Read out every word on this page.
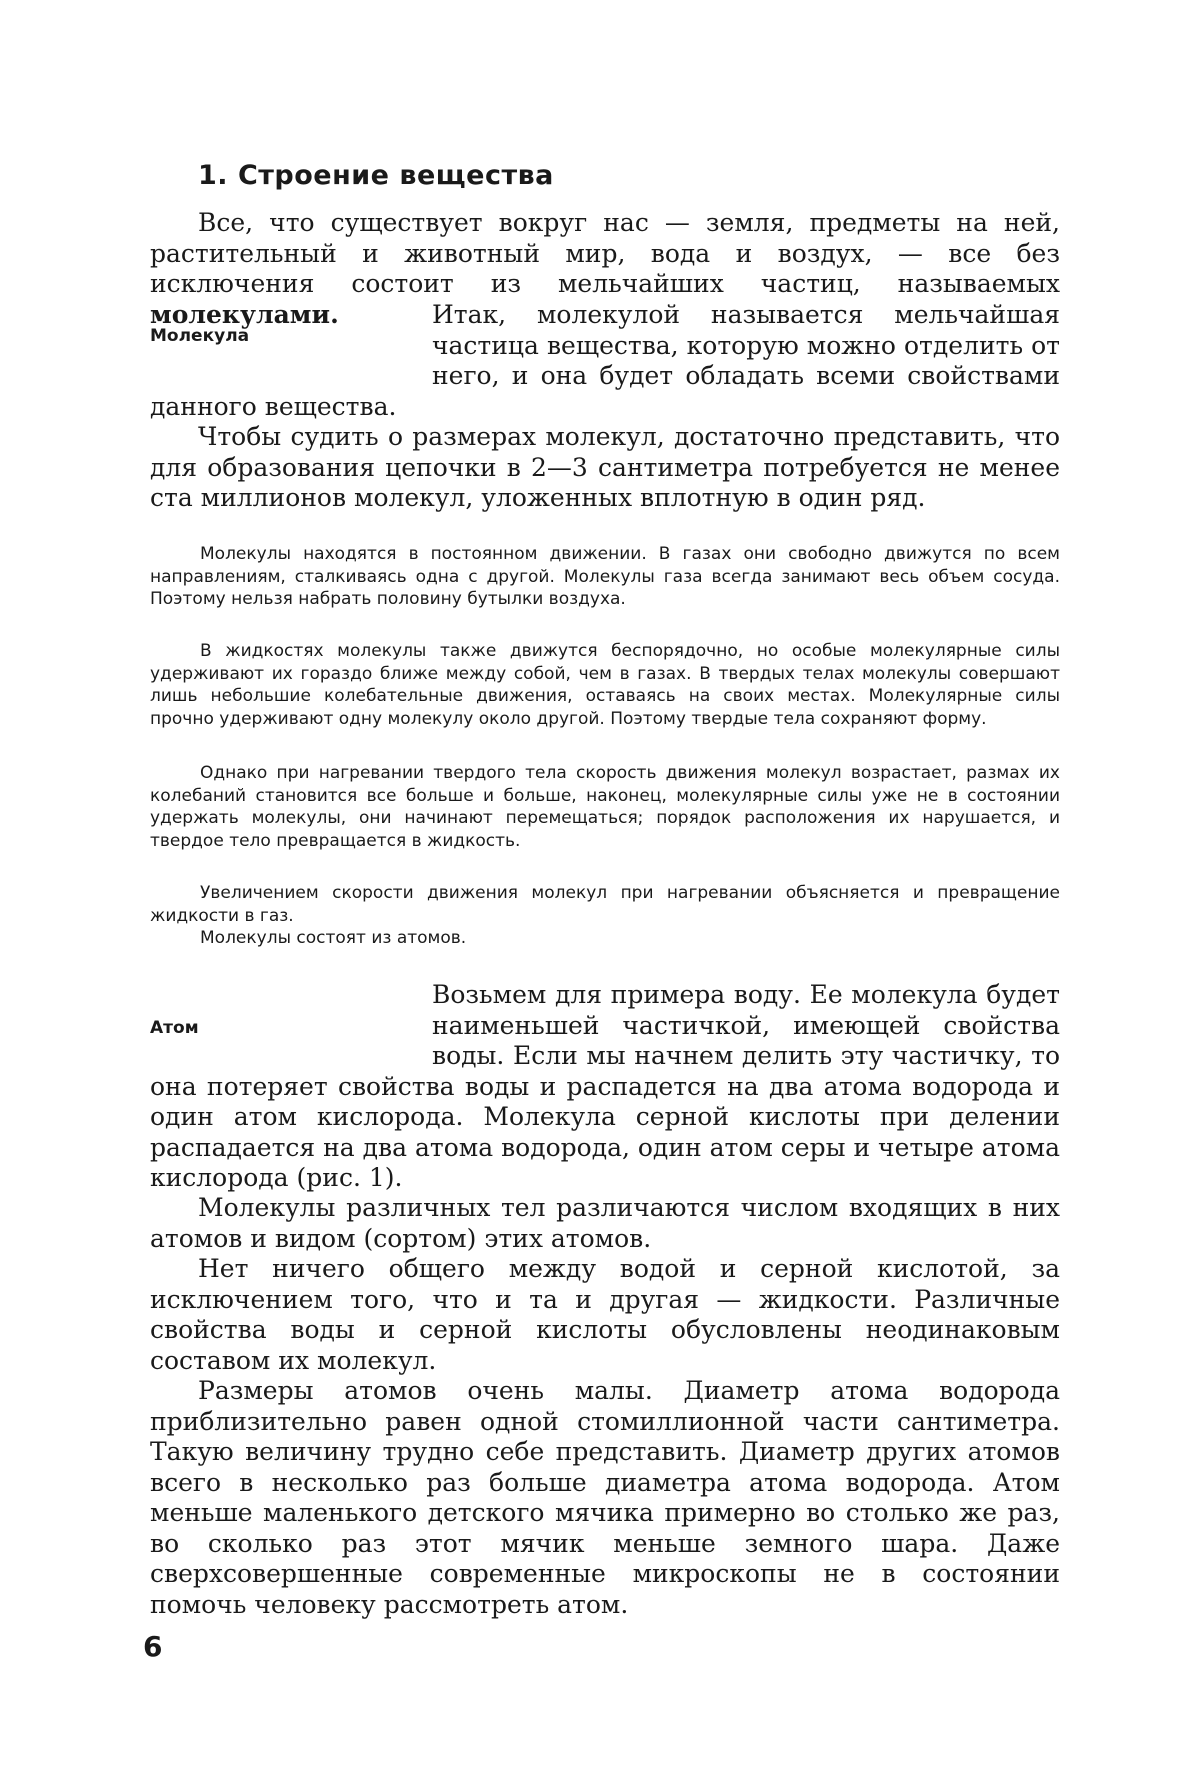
1. Строение вещества

Все, что существует вокруг нас — земля, предметы на ней, растительный и животный мир, вода и воздух, — все без исключения состоит из мельчайших частиц, называемых молекулами.

Молекула

Итак, молекулой называется мельчайшая частица вещества, которую можно отделить от него, и она будет обладать всеми свойствами данного вещества.

Чтобы судить о размерах молекул, достаточно представить, что для образования цепочки в 2—3 сантиметра потребуется не менее ста миллионов молекул, уложенных вплотную в один ряд.

Молекулы находятся в постоянном движении. В газах они свободно движутся по всем направлениям, сталкиваясь одна с другой. Молекулы газа всегда занимают весь объем сосуда. Поэтому нельзя набрать половину бутылки воздуха.

В жидкостях молекулы также движутся беспорядочно, но особые молекулярные силы удерживают их гораздо ближе между собой, чем в газах. В твердых телах молекулы совершают лишь небольшие колебательные движения, оставаясь на своих местах. Молекулярные силы прочно удерживают одну молекулу около другой. Поэтому твердые тела сохраняют форму.

Однако при нагревании твердого тела скорость движения молекул возрастает, размах их колебаний становится все больше и больше, наконец, молекулярные силы уже не в состоянии удержать молекулы, они начинают перемещаться; порядок расположения их нарушается, и твердое тело превращается в жидкость.

Увеличением скорости движения молекул при нагревании объясняется и превращение жидкости в газ.

Молекулы состоят из атомов.

Атом

Возьмем для примера воду. Ее молекула будет наименьшей частичкой, имеющей свойства воды. Если мы начнем делить эту частичку, то она потеряет свойства воды и распадется на два атома водорода и один атом кислорода. Молекула серной кислоты при делении распадается на два атома водорода, один атом серы и четыре атома кислорода (рис. 1).

Молекулы различных тел различаются числом входящих в них атомов и видом (сортом) этих атомов.

Нет ничего общего между водой и серной кислотой, за исключением того, что и та и другая — жидкости. Различные свойства воды и серной кислоты обусловлены неодинаковым составом их молекул.

Размеры атомов очень малы. Диаметр атома водорода приблизительно равен одной стомиллионной части сантиметра. Такую величину трудно себе представить. Диаметр других атомов всего в несколько раз больше диаметра атома водорода. Атом меньше маленького детского мячика примерно во столько же раз, во сколько раз этот мячик меньше земного шара. Даже сверхсовершенные современные микроскопы не в состоянии помочь человеку рассмотреть атом.

6
